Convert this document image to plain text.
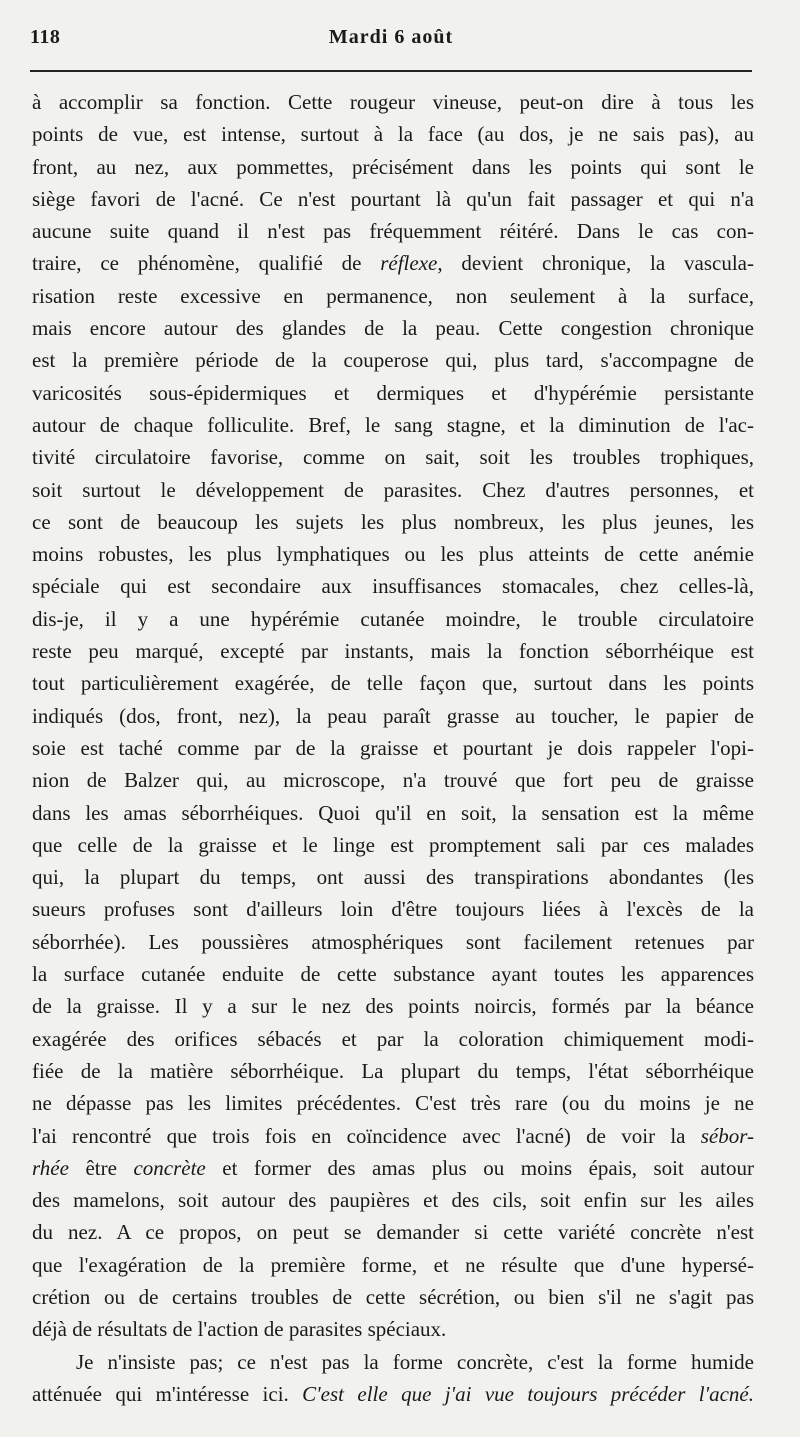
118	Mardi 6 août
à accomplir sa fonction. Cette rougeur vineuse, peut-on dire à tous les
points de vue, est intense, surtout à la face (au dos, je ne sais pas), au
front, au nez, aux pommettes, précisément dans les points qui sont le
siège favori de l'acné. Ce n'est pourtant là qu'un fait passager et qui n'a
aucune suite quand il n'est pas fréquemment réitéré. Dans le cas con-
traire, ce phénomène, qualifié de réflexe, devient chronique, la vascula-
risation reste excessive en permanence, non seulement à la surface,
mais encore autour des glandes de la peau. Cette congestion chronique
est la première période de la couperose qui, plus tard, s'accompagne de
varicosités sous-épidermiques et dermiques et d'hypérémie persistante
autour de chaque folliculite. Bref, le sang stagne, et la diminution de l'ac-
tivité circulatoire favorise, comme on sait, soit les troubles trophiques,
soit surtout le développement de parasites. Chez d'autres personnes, et
ce sont de beaucoup les sujets les plus nombreux, les plus jeunes, les
moins robustes, les plus lymphatiques ou les plus atteints de cette anémie
spéciale qui est secondaire aux insuffisances stomacales, chez celles-là,
dis-je, il y a une hypérémie cutanée moindre, le trouble circulatoire
reste peu marqué, excepté par instants, mais la fonction séborrhéique est
tout particulièrement exagérée, de telle façon que, surtout dans les points
indiqués (dos, front, nez), la peau paraît grasse au toucher, le papier de
soie est taché comme par de la graisse et pourtant je dois rappeler l'opi-
nion de Balzer qui, au microscope, n'a trouvé que fort peu de graisse
dans les amas séborrhéiques. Quoi qu'il en soit, la sensation est la même
que celle de la graisse et le linge est promptement sali par ces malades
qui, la plupart du temps, ont aussi des transpirations abondantes (les
sueurs profuses sont d'ailleurs loin d'être toujours liées à l'excès de la
séborrhée). Les poussières atmosphériques sont facilement retenues par
la surface cutanée enduite de cette substance ayant toutes les apparences
de la graisse. Il y a sur le nez des points noircis, formés par la béance
exagérée des orifices sébacés et par la coloration chimiquement modi-
fiée de la matière séborrhéique. La plupart du temps, l'état séborrhéique
ne dépasse pas les limites précédentes. C'est très rare (ou du moins je ne
l'ai rencontré que trois fois en coïncidence avec l'acné) de voir la sébor-
rhée être concrète et former des amas plus ou moins épais, soit autour
des mamelons, soit autour des paupières et des cils, soit enfin sur les ailes
du nez. A ce propos, on peut se demander si cette variété concrète n'est
que l'exagération de la première forme, et ne résulte que d'une hypersé-
crétion ou de certains troubles de cette sécrétion, ou bien s'il ne s'agit pas
déjà de résultats de l'action de parasites spéciaux.
Je n'insiste pas; ce n'est pas la forme concrète, c'est la forme humide
atténuée qui m'intéresse ici. C'est elle que j'ai vue toujours précéder l'acné.
